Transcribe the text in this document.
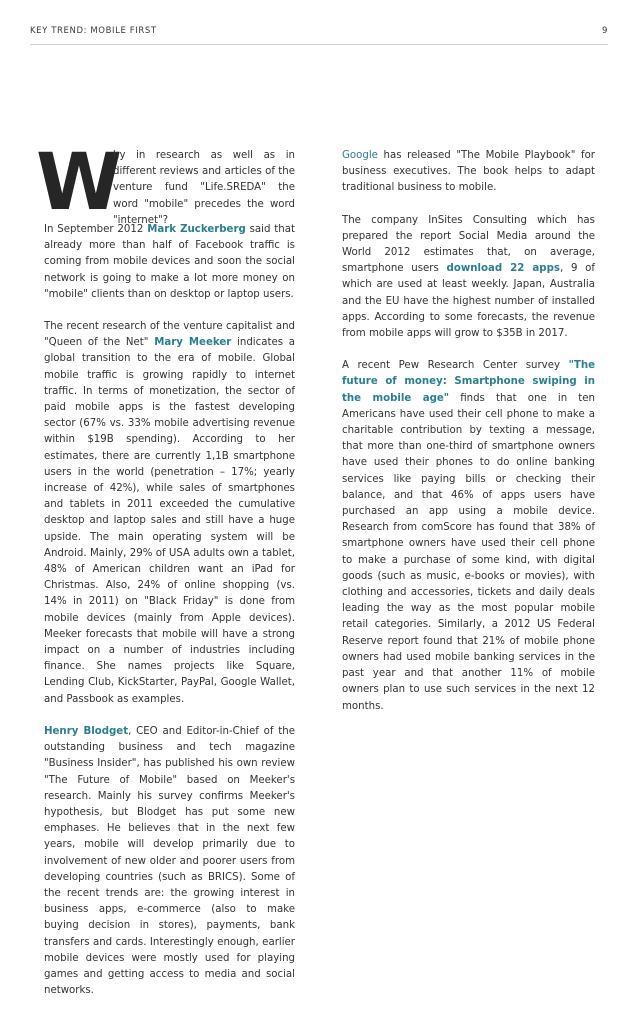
KEY TREND: MOBILE FIRST	9
W
hy in research as well as in different reviews and articles of the venture fund "Life.SREDA" the word "mobile" precedes the word "internet"?

In September 2012 Mark Zuckerberg said that already more than half of Facebook traffic is coming from mobile devices and soon the social network is going to make a lot more money on "mobile" clients than on desktop or laptop users.

The recent research of the venture capitalist and "Queen of the Net" Mary Meeker indicates a global transition to the era of mobile. Global mobile traffic is growing rapidly to internet traffic. In terms of monetization, the sector of paid mobile apps is the fastest developing sector (67% vs. 33% mobile advertising revenue within $19B spending). According to her estimates, there are currently 1,1B smartphone users in the world (penetration – 17%; yearly increase of 42%), while sales of smartphones and tablets in 2011 exceeded the cumulative desktop and laptop sales and still have a huge upside. The main operating system will be Android. Mainly, 29% of USA adults own a tablet, 48% of American children want an iPad for Christmas. Also, 24% of online shopping (vs. 14% in 2011) on "Black Friday" is done from mobile devices (mainly from Apple devices). Meeker forecasts that mobile will have a strong impact on a number of industries including finance. She names projects like Square, Lending Club, KickStarter, PayPal, Google Wallet, and Passbook as examples.

Henry Blodget, CEO and Editor-in-Chief of the outstanding business and tech magazine "Business Insider", has published his own review "The Future of Mobile" based on Meeker's research. Mainly his survey confirms Meeker's hypothesis, but Blodget has put some new emphases. He believes that in the next few years, mobile will develop primarily due to involvement of new older and poorer users from developing countries (such as BRICS). Some of the recent trends are: the growing interest in business apps, e-commerce (also to make buying decision in stores), payments, bank transfers and cards. Interestingly enough, earlier mobile devices were mostly used for playing games and getting access to media and social networks.

Google has released "The Mobile Playbook" for business executives. The book helps to adapt traditional business to mobile.

The company InSites Consulting which has prepared the report Social Media around the World 2012 estimates that, on average, smartphone users download 22 apps, 9 of which are used at least weekly. Japan, Australia and the EU have the highest number of installed apps. According to some forecasts, the revenue from mobile apps will grow to $35B in 2017.

A recent Pew Research Center survey "The future of money: Smartphone swiping in the mobile age" finds that one in ten Americans have used their cell phone to make a charitable contribution by texting a message, that more than one-third of smartphone owners have used their phones to do online banking services like paying bills or checking their balance, and that 46% of apps users have purchased an app using a mobile device. Research from comScore has found that 38% of smartphone owners have used their cell phone to make a purchase of some kind, with digital goods (such as music, e-books or movies), with clothing and accessories, tickets and daily deals leading the way as the most popular mobile retail categories. Similarly, a 2012 US Federal Reserve report found that 21% of mobile phone owners had used mobile banking services in the past year and that another 11% of mobile owners plan to use such services in the next 12 months.
